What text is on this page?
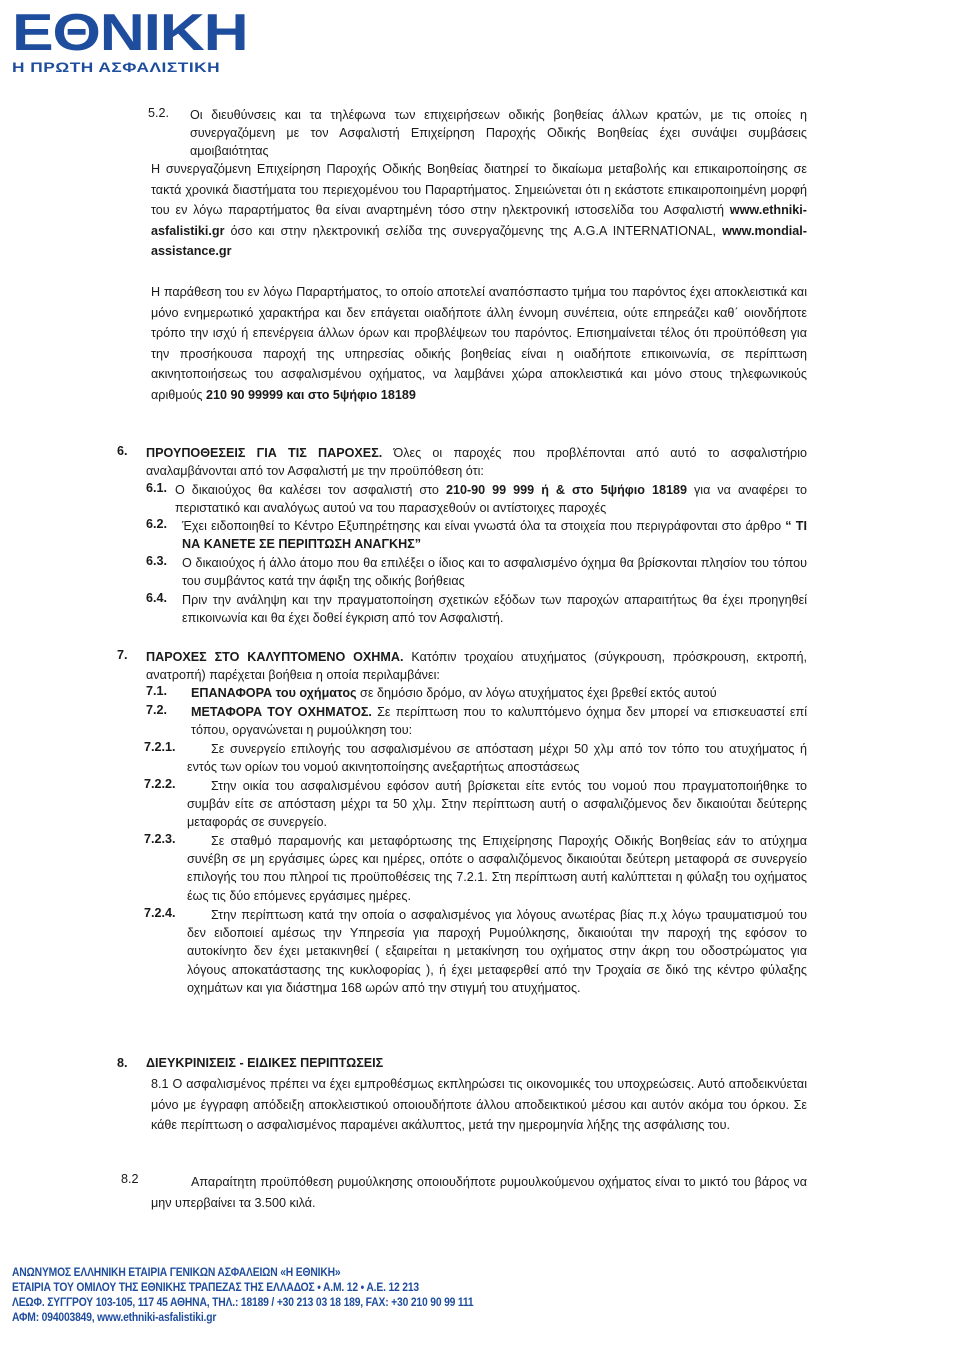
ΕΘΝΙΚΗ
Η ΠΡΩΤΗ ΑΣΦΑΛΙΣΤΙΚΗ
5.2. Οι διευθύνσεις και τα τηλέφωνα των επιχειρήσεων οδικής βοηθείας άλλων κρατών, με τις οποίες η συνεργαζόμενη με τον Ασφαλιστή Επιχείρηση Παροχής Οδικής Βοηθείας έχει συνάψει συμβάσεις αμοιβαιότητας
Η συνεργαζόμενη Επιχείρηση Παροχής Οδικής Βοηθείας διατηρεί το δικαίωμα μεταβολής και επικαιροποίησης σε τακτά χρονικά διαστήματα του περιεχομένου του Παραρτήματος. Σημειώνεται ότι η εκάστοτε επικαιροποιημένη μορφή του εν λόγω παραρτήματος θα είναι αναρτημένη τόσο στην ηλεκτρονική ιστοσελίδα του Ασφαλιστή www.ethniki-asfalistiki.gr όσο και στην ηλεκτρονική σελίδα της συνεργαζόμενης της A.G.A INTERNATIONAL, www.mondial-assistance.gr
Η παράθεση του εν λόγω Παραρτήματος, το οποίο αποτελεί αναπόσπαστο τμήμα του παρόντος έχει αποκλειστικά και μόνο ενημερωτικό χαρακτήρα και δεν επάγεται οιαδήποτε άλλη έννομη συνέπεια, ούτε επηρεάζει καθ΄ οιονδήποτε τρόπο την ισχύ ή επενέργεια άλλων όρων και προβλέψεων του παρόντος. Επισημαίνεται τέλος ότι προϋπόθεση για την προσήκουσα παροχή της υπηρεσίας οδικής βοηθείας είναι η οιαδήποτε επικοινωνία, σε περίπτωση ακινητοποιήσεως του ασφαλισμένου οχήματος, να λαμβάνει χώρα αποκλειστικά και μόνο στους τηλεφωνικούς αριθμούς 210 90 99999 και στο 5ψήφιο 18189
6. ΠΡΟΥΠΟΘΕΣΕΙΣ ΓΙΑ ΤΙΣ ΠΑΡΟΧΕΣ. Όλες οι παροχές που προβλέπονται από αυτό το ασφαλιστήριο αναλαμβάνονται από τον Ασφαλιστή με την προϋπόθεση ότι:
6.1. Ο δικαιούχος θα καλέσει τον ασφαλιστή στο 210-90 99 999 ή & στο 5ψήφιο 18189 για να αναφέρει το περιστατικό και αναλόγως αυτού να του παρασχεθούν οι αντίστοιχες παροχές
6.2. Έχει ειδοποιηθεί το Κέντρο Εξυπηρέτησης και είναι γνωστά όλα τα στοιχεία που περιγράφονται στο άρθρο “ ΤΙ ΝΑ ΚΑΝΕΤΕ ΣΕ ΠΕΡΙΠΤΩΣΗ ΑΝΑΓΚΗΣ”
6.3. Ο δικαιούχος ή άλλο άτομο που θα επιλέξει ο ίδιος και το ασφαλισμένο όχημα θα βρίσκονται πλησίον του τόπου του συμβάντος κατά την άφιξη της οδικής βοήθειας
6.4. Πριν την ανάληψη και την πραγματοποίηση σχετικών εξόδων των παροχών απαραιτήτως θα έχει προηγηθεί επικοινωνία και θα έχει δοθεί έγκριση από τον Ασφαλιστή.
7. ΠΑΡΟΧΕΣ ΣΤΟ ΚΑΛΥΠΤΟΜΕΝΟ ΟΧΗΜΑ. Κατόπιν τροχαίου ατυχήματος (σύγκρουση, πρόσκρουση, εκτροπή, ανατροπή) παρέχεται βοήθεια η οποία περιλαμβάνει:
7.1. ΕΠΑΝΑΦΟΡΑ του οχήματος σε δημόσιο δρόμο, αν λόγω ατυχήματος έχει βρεθεί εκτός αυτού
7.2. ΜΕΤΑΦΟΡΑ ΤΟΥ ΟΧΗΜΑΤΟΣ. Σε περίπτωση που το καλυπτόμενο όχημα δεν μπορεί να επισκευαστεί επί τόπου, οργανώνεται η ρυμούλκηση του:
7.2.1.	Σε συνεργείο επιλογής του ασφαλισμένου σε απόσταση μέχρι 50 χλμ από τον τόπο του ατυχήματος ή εντός των ορίων του νομού ακινητοποίησης ανεξαρτήτως αποστάσεως
7.2.2.	Στην οικία του ασφαλισμένου εφόσον αυτή βρίσκεται είτε εντός του νομού που πραγματοποιήθηκε το συμβάν είτε σε απόσταση μέχρι τα 50 χλμ. Στην περίπτωση αυτή ο ασφαλιζόμενος δεν δικαιούται δεύτερης μεταφοράς σε συνεργείο.
7.2.3.	Σε σταθμό παραμονής και μεταφόρτωσης της Επιχείρησης Παροχής Οδικής Βοηθείας εάν το ατύχημα συνέβη σε μη εργάσιμες ώρες και ημέρες, οπότε ο ασφαλιζόμενος δικαιούται δεύτερη μεταφορά σε συνεργείο επιλογής του που πληροί τις προϋποθέσεις της 7.2.1. Στη περίπτωση αυτή καλύπτεται η φύλαξη του οχήματος έως τις δύο επόμενες εργάσιμες ημέρες.
7.2.4.	Στην περίπτωση κατά την οποία ο ασφαλισμένος για λόγους ανωτέρας βίας π.χ λόγω τραυματισμού του δεν ειδοποιεί αμέσως την Υπηρεσία για παροχή Ρυμούλκησης, δικαιούται την παροχή της εφόσον το αυτοκίνητο δεν έχει μετακινηθεί ( εξαιρείται η μετακίνηση του οχήματος στην άκρη του οδοστρώματος για λόγους αποκατάστασης της κυκλοφορίας ), ή έχει μεταφερθεί από την Τροχαία σε δικό της κέντρο φύλαξης οχημάτων και για διάστημα 168 ωρών από την στιγμή του ατυχήματος.
8. ΔΙΕΥΚΡΙΝΙΣΕΙΣ - ΕΙΔΙΚΕΣ ΠΕΡΙΠΤΩΣΕΙΣ
8.1 Ο ασφαλισμένος πρέπει να έχει εμπροθέσμως εκπληρώσει τις οικονομικές του υποχρεώσεις. Αυτό αποδεικνύεται μόνο με έγγραφη απόδειξη αποκλειστικού οποιουδήποτε άλλου αποδεικτικού μέσου και αυτόν ακόμα του όρκου. Σε κάθε περίπτωση ο ασφαλισμένος παραμένει ακάλυπτος, μετά την ημερομηνία λήξης της ασφάλισης του.
8.2	Απαραίτητη προϋπόθεση ρυμούλκησης οποιουδήποτε ρυμουλκούμενου οχήματος είναι το μικτό του βάρος να μην υπερβαίνει τα 3.500 κιλά.
ΑΝΩΝΥΜΟΣ ΕΛΛΗΝΙΚΗ ΕΤΑΙΡΙΑ ΓΕΝΙΚΩΝ ΑΣΦΑΛΕΙΩΝ «Η ΕΘΝΙΚΗ»
ΕΤΑΙΡΙΑ ΤΟΥ ΟΜΙΛΟΥ ΤΗΣ ΕΘΝΙΚΗΣ ΤΡΑΠΕΖΑΣ ΤΗΣ ΕΛΛΑΔΟΣ • Α.Μ. 12 • Α.Ε. 12 213
ΛΕΩΦ. ΣΥΓΓΡΟΥ 103-105, 117 45 ΑΘΗΝΑ, ΤΗΛ.: 18189 / +30 213 03 18 189, FAX: +30 210 90 99 111
ΑΦΜ: 094003849, www.ethniki-asfalistiki.gr
